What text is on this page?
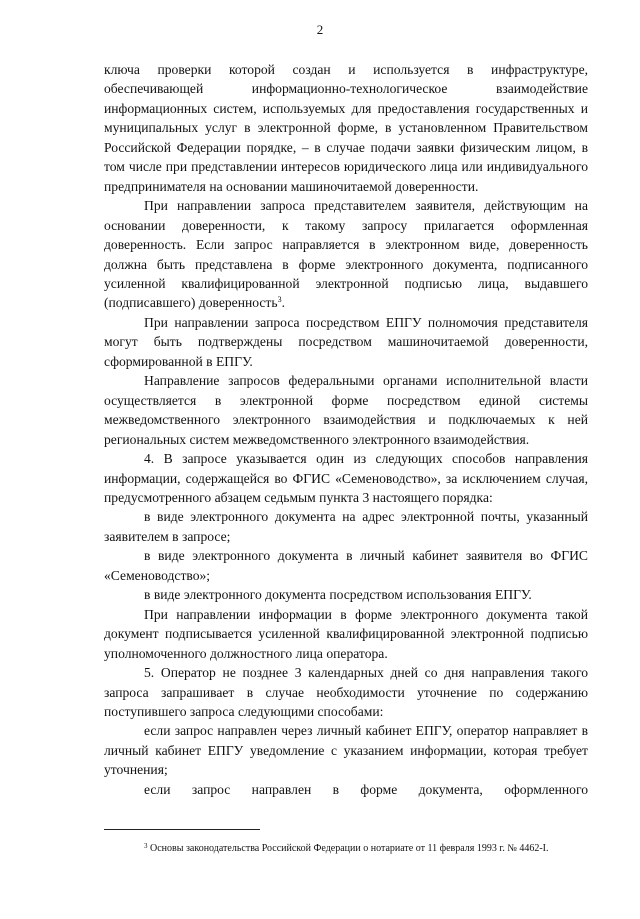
2

ключа проверки которой создан и используется в инфраструктуре, обеспечивающей информационно-технологическое взаимодействие информационных систем, используемых для предоставления государственных и муниципальных услуг в электронной форме, в установленном Правительством Российской Федерации порядке, – в случае подачи заявки физическим лицом, в том числе при представлении интересов юридического лица или индивидуального предпринимателя на основании машиночитаемой доверенности.

При направлении запроса представителем заявителя, действующим на основании доверенности, к такому запросу прилагается оформленная доверенность. Если запрос направляется в электронном виде, доверенность должна быть представлена в форме электронного документа, подписанного усиленной квалифицированной электронной подписью лица, выдавшего (подписавшего) доверенность$^3$.

При направлении запроса посредством ЕПГУ полномочия представителя могут быть подтверждены посредством машиночитаемой доверенности, сформированной в ЕПГУ.

Направление запросов федеральными органами исполнительной власти осуществляется в электронной форме посредством единой системы межведомственного электронного взаимодействия и подключаемых к ней региональных систем межведомственного электронного взаимодействия.

4. В запросе указывается один из следующих способов направления информации, содержащейся во ФГИС «Семеноводство», за исключением случая, предусмотренного абзацем седьмым пункта 3 настоящего порядка:

в виде электронного документа на адрес электронной почты, указанный заявителем в запросе;

в виде электронного документа в личный кабинет заявителя во ФГИС «Семеноводство»;

в виде электронного документа посредством использования ЕПГУ.

При направлении информации в форме электронного документа такой документ подписывается усиленной квалифицированной электронной подписью уполномоченного должностного лица оператора.

5. Оператор не позднее 3 календарных дней со дня направления такого запроса запрашивает в случае необходимости уточнение по содержанию поступившего запроса следующими способами:

если запрос направлен через личный кабинет ЕПГУ, оператор направляет в личный кабинет ЕПГУ уведомление с указанием информации, которая требует уточнения;

если запрос направлен в форме документа, оформленного

$^3$ Основы законодательства Российской Федерации о нотариате от 11 февраля 1993 г. № 4462-I.
